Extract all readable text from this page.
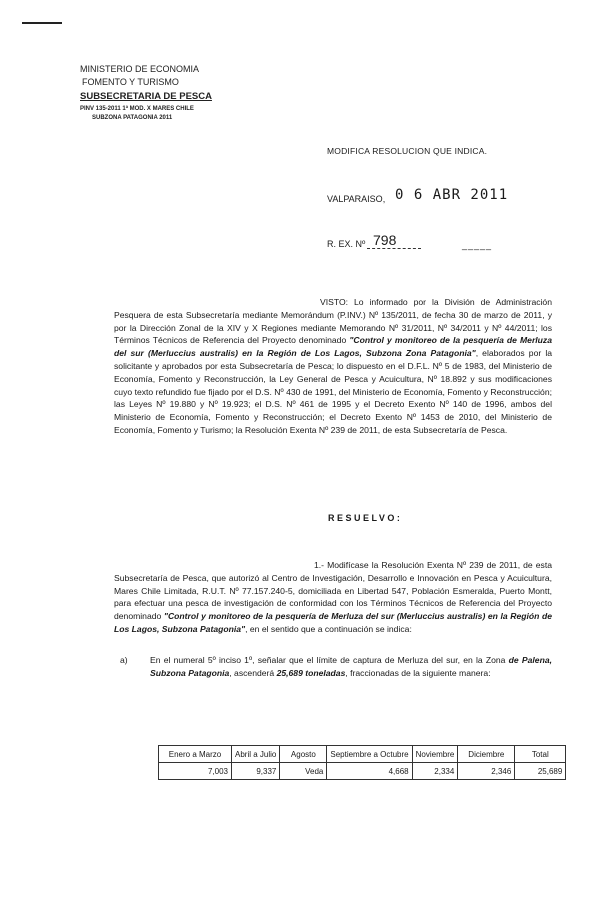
MINISTERIO DE ECONOMIA
FOMENTO Y TURISMO
SUBSECRETARIA DE PESCA
PINV 135-2011 1ª MOD. X MARES CHILE
SUBZONA PATAGONIA 2011
MODIFICA RESOLUCION QUE INDICA.
VALPARAISO, 0 6 ABR 2011
R. EX. Nº 798	_____

VISTO: Lo informado por la División de Administración Pesquera de esta Subsecretaría mediante Memorándum (P.INV.) Nº 135/2011, de fecha 30 de marzo de 2011, y por la Dirección Zonal de la XIV y X Regiones mediante Memorando Nº 31/2011, Nº 34/2011 y Nº 44/2011; los Términos Técnicos de Referencia del Proyecto denominado "Control y monitoreo de la pesquería de Merluza del sur (Merluccius australis) en la Región de Los Lagos, Subzona Zona Patagonia", elaborados por la solicitante y aprobados por esta Subsecretaría de Pesca; lo dispuesto en el D.F.L. Nº 5 de 1983, del Ministerio de Economía, Fomento y Reconstrucción, la Ley General de Pesca y Acuicultura, Nº 18.892 y sus modificaciones cuyo texto refundido fue fijado por el D.S. Nº 430 de 1991, del Ministerio de Economía, Fomento y Reconstrucción; las Leyes Nº 19.880 y Nº 19.923; el D.S. Nº 461 de 1995 y el Decreto Exento Nº 140 de 1996, ambos del Ministerio de Economía, Fomento y Reconstrucción; el Decreto Exento Nº 1453 de 2010, del Ministerio de Economía, Fomento y Turismo; la Resolución Exenta Nº 239 de 2011, de esta Subsecretaría de Pesca.

RESUELVO:

1.- Modifícase la Resolución Exenta Nº 239 de 2011, de esta Subsecretaría de Pesca, que autorizó al Centro de Investigación, Desarrollo e Innovación en Pesca y Acuicultura, Mares Chile Limitada, R.U.T. Nº 77.157.240-5, domiciliada en Libertad 547, Población Esmeralda, Puerto Montt, para efectuar una pesca de investigación de conformidad con los Términos Técnicos de Referencia del Proyecto denominado "Control y monitoreo de la pesquería de Merluza del sur (Merluccius australis) en la Región de Los Lagos, Subzona Patagonia", en el sentido que a continuación se indica:

a)	En el numeral 5º inciso 1º, señalar que el límite de captura de Merluza del sur, en la Zona de Palena, Subzona Patagonia, ascenderá 25,689 toneladas, fraccionadas de la siguiente manera:
Enero a Marzo	Abril a Julio	Agosto	Septiembre a Octubre	Noviembre	Diciembre	Total
7,003	9,337	Veda	4,668	2,334	2,346	25,689
